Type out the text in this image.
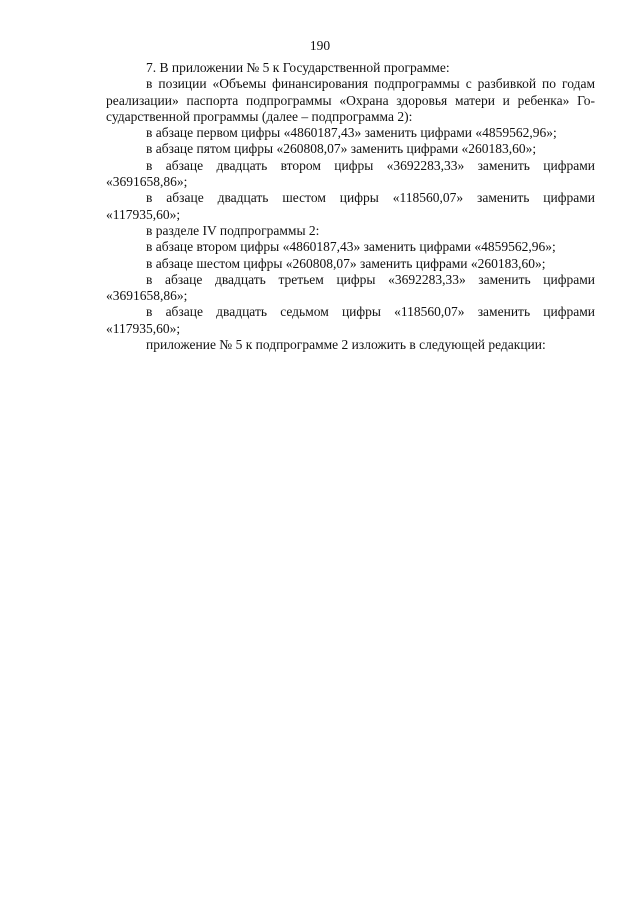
190

7. В приложении № 5 к Государственной программе:

в позиции «Объемы финансирования подпрограммы с разбивкой по годам реализации» паспорта подпрограммы «Охрана здоровья матери и ребенка» Государственной программы (далее – подпрограмма 2):

в абзаце первом цифры «4860187,43» заменить цифрами «4859562,96»;

в абзаце пятом цифры «260808,07» заменить цифрами «260183,60»;

в абзаце двадцать втором цифры «3692283,33» заменить цифрами «3691658,86»;

в абзаце двадцать шестом цифры «118560,07» заменить цифрами «117935,60»;

в разделе IV подпрограммы 2:

в абзаце втором цифры «4860187,43» заменить цифрами «4859562,96»;

в абзаце шестом цифры «260808,07» заменить цифрами «260183,60»;

в абзаце двадцать третьем цифры «3692283,33» заменить цифрами «3691658,86»;

в абзаце двадцать седьмом цифры «118560,07» заменить цифрами «117935,60»;

приложение № 5 к подпрограмме 2 изложить в следующей редакции:
